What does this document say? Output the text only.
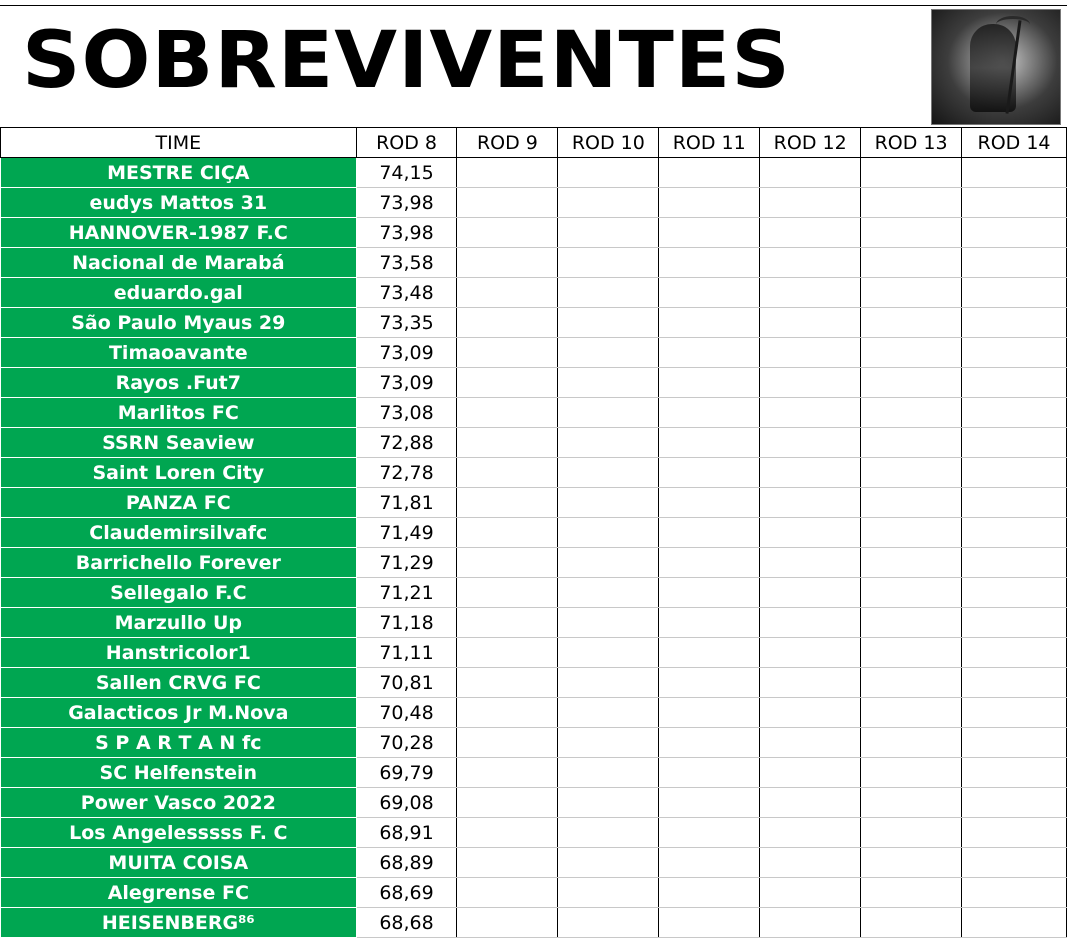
SOBREVIVENTES
TIME	ROD 8	ROD 9	ROD 10	ROD 11	ROD 12	ROD 13	ROD 14
MESTRE CIÇA	74,15						
eudys Mattos 31	73,98						
HANNOVER-1987 F.C	73,98						
Nacional de Marabá	73,58						
eduardo.gal	73,48						
São Paulo Myaus 29	73,35						
Timaoavante	73,09						
Rayos .Fut7	73,09						
Marlitos FC	73,08						
SSRN Seaview	72,88						
Saint Loren City	72,78						
PANZA FC	71,81						
Claudemirsilvafc	71,49						
Barrichello Forever	71,29						
Sellegalo F.C	71,21						
Marzullo Up	71,18						
Hanstricolor1	71,11						
Sallen CRVG FC	70,81						
Galacticos Jr M.Nova	70,48						
S P A R T A N fc	70,28						
SC Helfenstein	69,79						
Power Vasco 2022	69,08						
Los Angelesssss F. C	68,91						
MUITA COISA	68,89						
Alegrense FC	68,69						
HEISENBERG⁸⁶	68,68						
